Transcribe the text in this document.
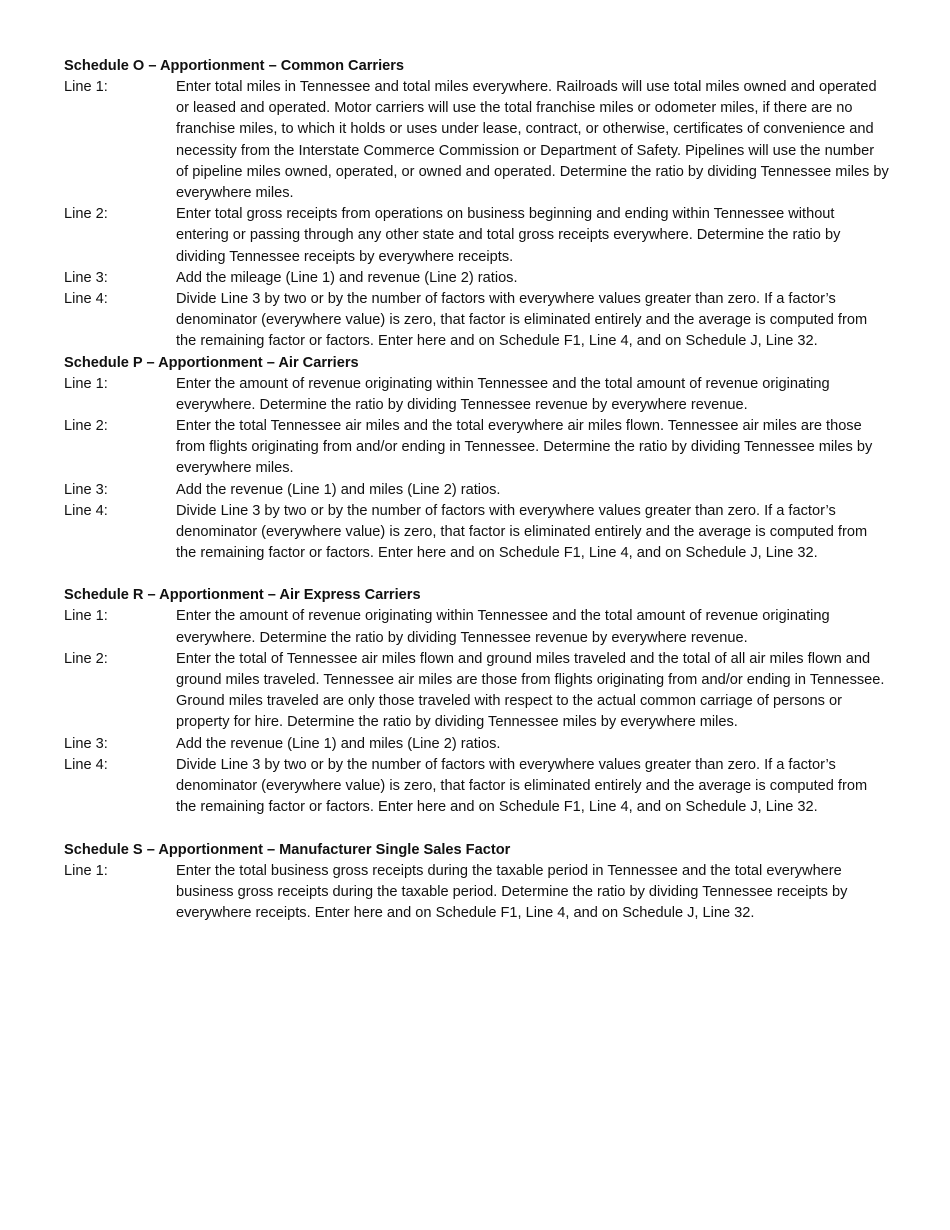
Schedule O – Apportionment – Common Carriers
Line 1:	Enter total miles in Tennessee and total miles everywhere. Railroads will use total miles owned and operated or leased and operated. Motor carriers will use the total franchise miles or odometer miles, if there are no franchise miles, to which it holds or uses under lease, contract, or otherwise, certificates of convenience and necessity from the Interstate Commerce Commission or Department of Safety. Pipelines will use the number of pipeline miles owned, operated, or owned and operated. Determine the ratio by dividing Tennessee miles by everywhere miles.
Line 2:	Enter total gross receipts from operations on business beginning and ending within Tennessee without entering or passing through any other state and total gross receipts everywhere. Determine the ratio by dividing Tennessee receipts by everywhere receipts.
Line 3:	Add the mileage (Line 1) and revenue (Line 2) ratios.
Line 4:	Divide Line 3 by two or by the number of factors with everywhere values greater than zero. If a factor’s denominator (everywhere value) is zero, that factor is eliminated entirely and the average is computed from the remaining factor or factors. Enter here and on Schedule F1, Line 4, and on Schedule J, Line 32.
Schedule P – Apportionment – Air Carriers
Line 1:	Enter the amount of revenue originating within Tennessee and the total amount of revenue originating everywhere. Determine the ratio by dividing Tennessee revenue by everywhere revenue.
Line 2:	Enter the total Tennessee air miles and the total everywhere air miles flown. Tennessee air miles are those from flights originating from and/or ending in Tennessee. Determine the ratio by dividing Tennessee miles by everywhere miles.
Line 3:	Add the revenue (Line 1) and miles (Line 2) ratios.
Line 4:	Divide Line 3 by two or by the number of factors with everywhere values greater than zero. If a factor’s denominator (everywhere value) is zero, that factor is eliminated entirely and the average is computed from the remaining factor or factors. Enter here and on Schedule F1, Line 4, and on Schedule J, Line 32.
Schedule R – Apportionment – Air Express Carriers
Line 1:	Enter the amount of revenue originating within Tennessee and the total amount of revenue originating everywhere. Determine the ratio by dividing Tennessee revenue by everywhere revenue.
Line 2:	Enter the total of Tennessee air miles flown and ground miles traveled and the total of all air miles flown and ground miles traveled. Tennessee air miles are those from flights originating from and/or ending in Tennessee. Ground miles traveled are only those traveled with respect to the actual common carriage of persons or property for hire. Determine the ratio by dividing Tennessee miles by everywhere miles.
Line 3:	Add the revenue (Line 1) and miles (Line 2) ratios.
Line 4:	Divide Line 3 by two or by the number of factors with everywhere values greater than zero. If a factor’s denominator (everywhere value) is zero, that factor is eliminated entirely and the average is computed from the remaining factor or factors. Enter here and on Schedule F1, Line 4, and on Schedule J, Line 32.
Schedule S – Apportionment – Manufacturer Single Sales Factor
Line 1:	Enter the total business gross receipts during the taxable period in Tennessee and the total everywhere business gross receipts during the taxable period. Determine the ratio by dividing Tennessee receipts by everywhere receipts. Enter here and on Schedule F1, Line 4, and on Schedule J, Line 32.
